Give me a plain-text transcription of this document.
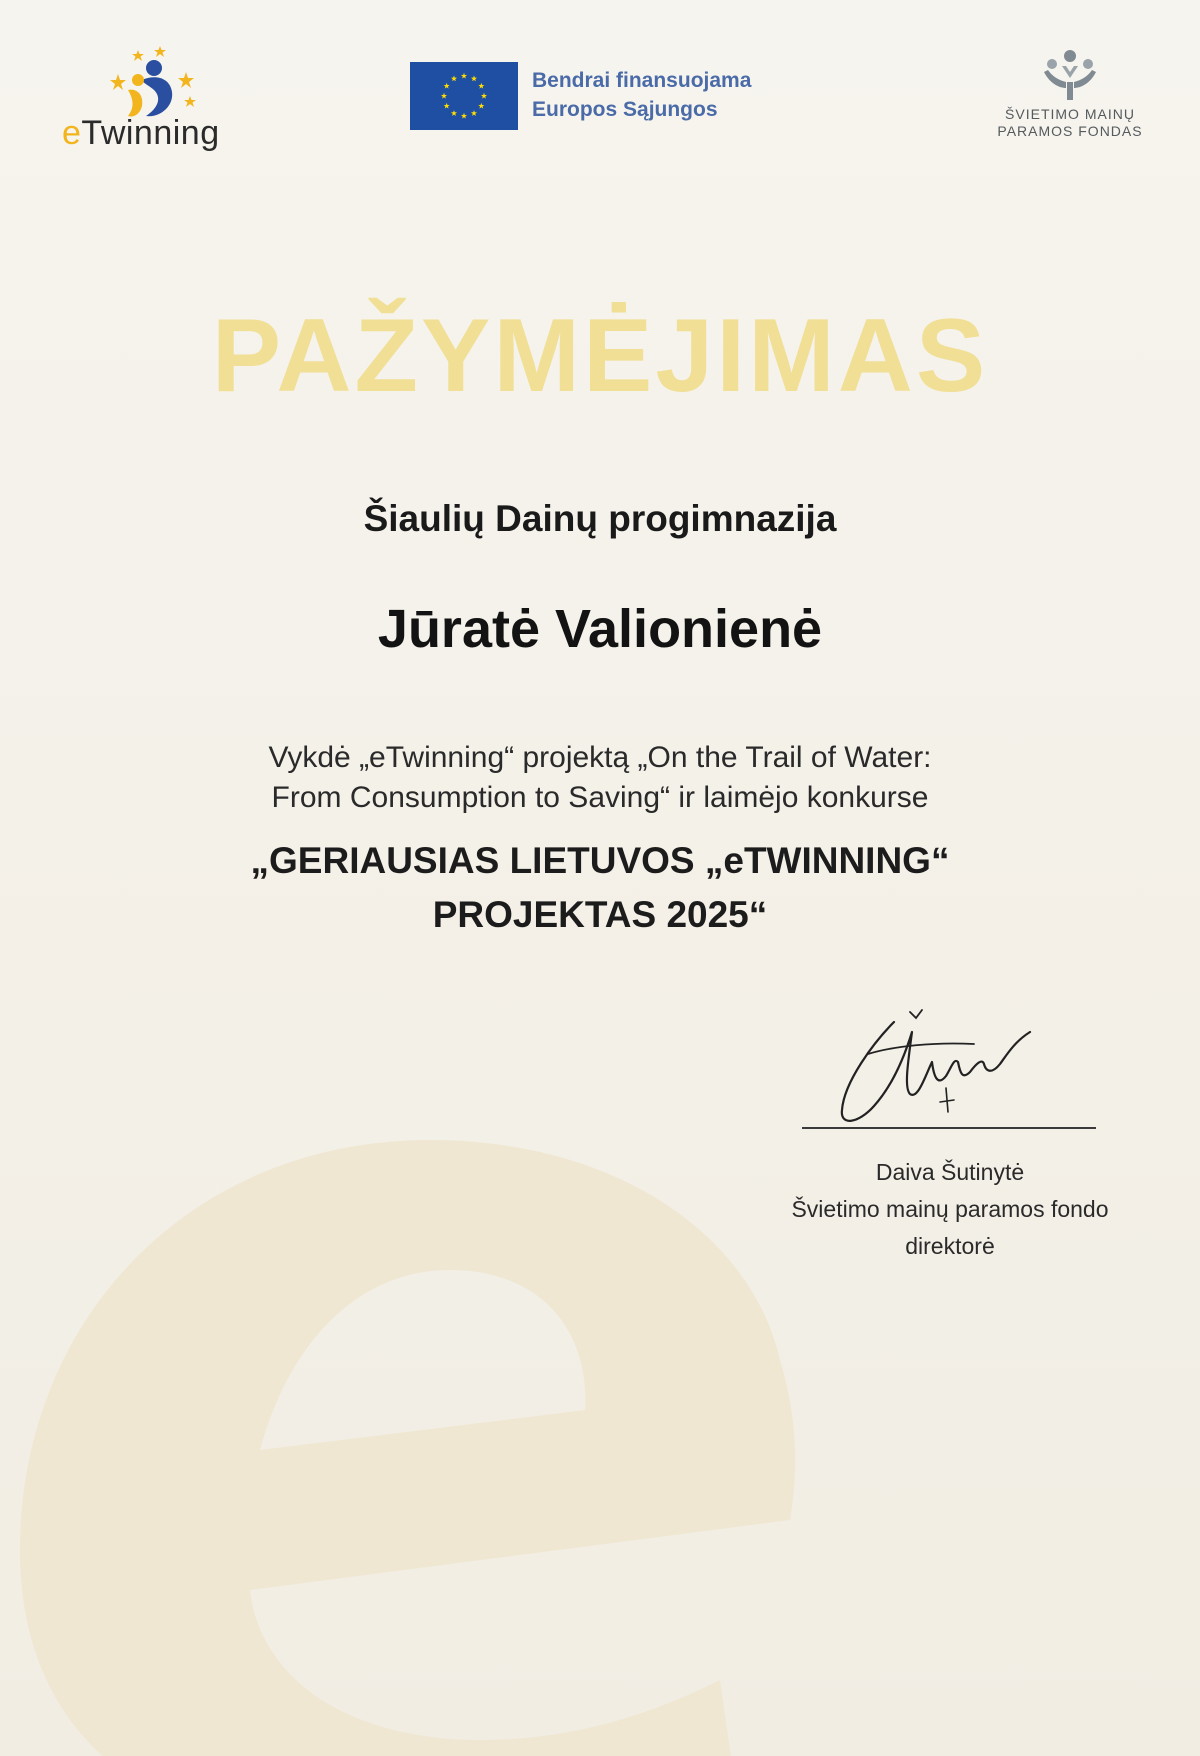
eTwinning
Bendrai finansuojama
Europos Sąjungos	ŠVIETIMO MAINŲ
PARAMOS FONDAS
PAŽYMĖJIMAS
Šiaulių Dainų progimnazija
Jūratė Valionienė
Vykdė „eTwinning“ projektą „On the Trail of Water:
From Consumption to Saving“ ir laimėjo konkurse
„GERIAUSIAS LIETUVOS „eTWINNING“
PROJEKTAS 2025“
Daiva Šutinytė
Švietimo mainų paramos fondo
direktorė
